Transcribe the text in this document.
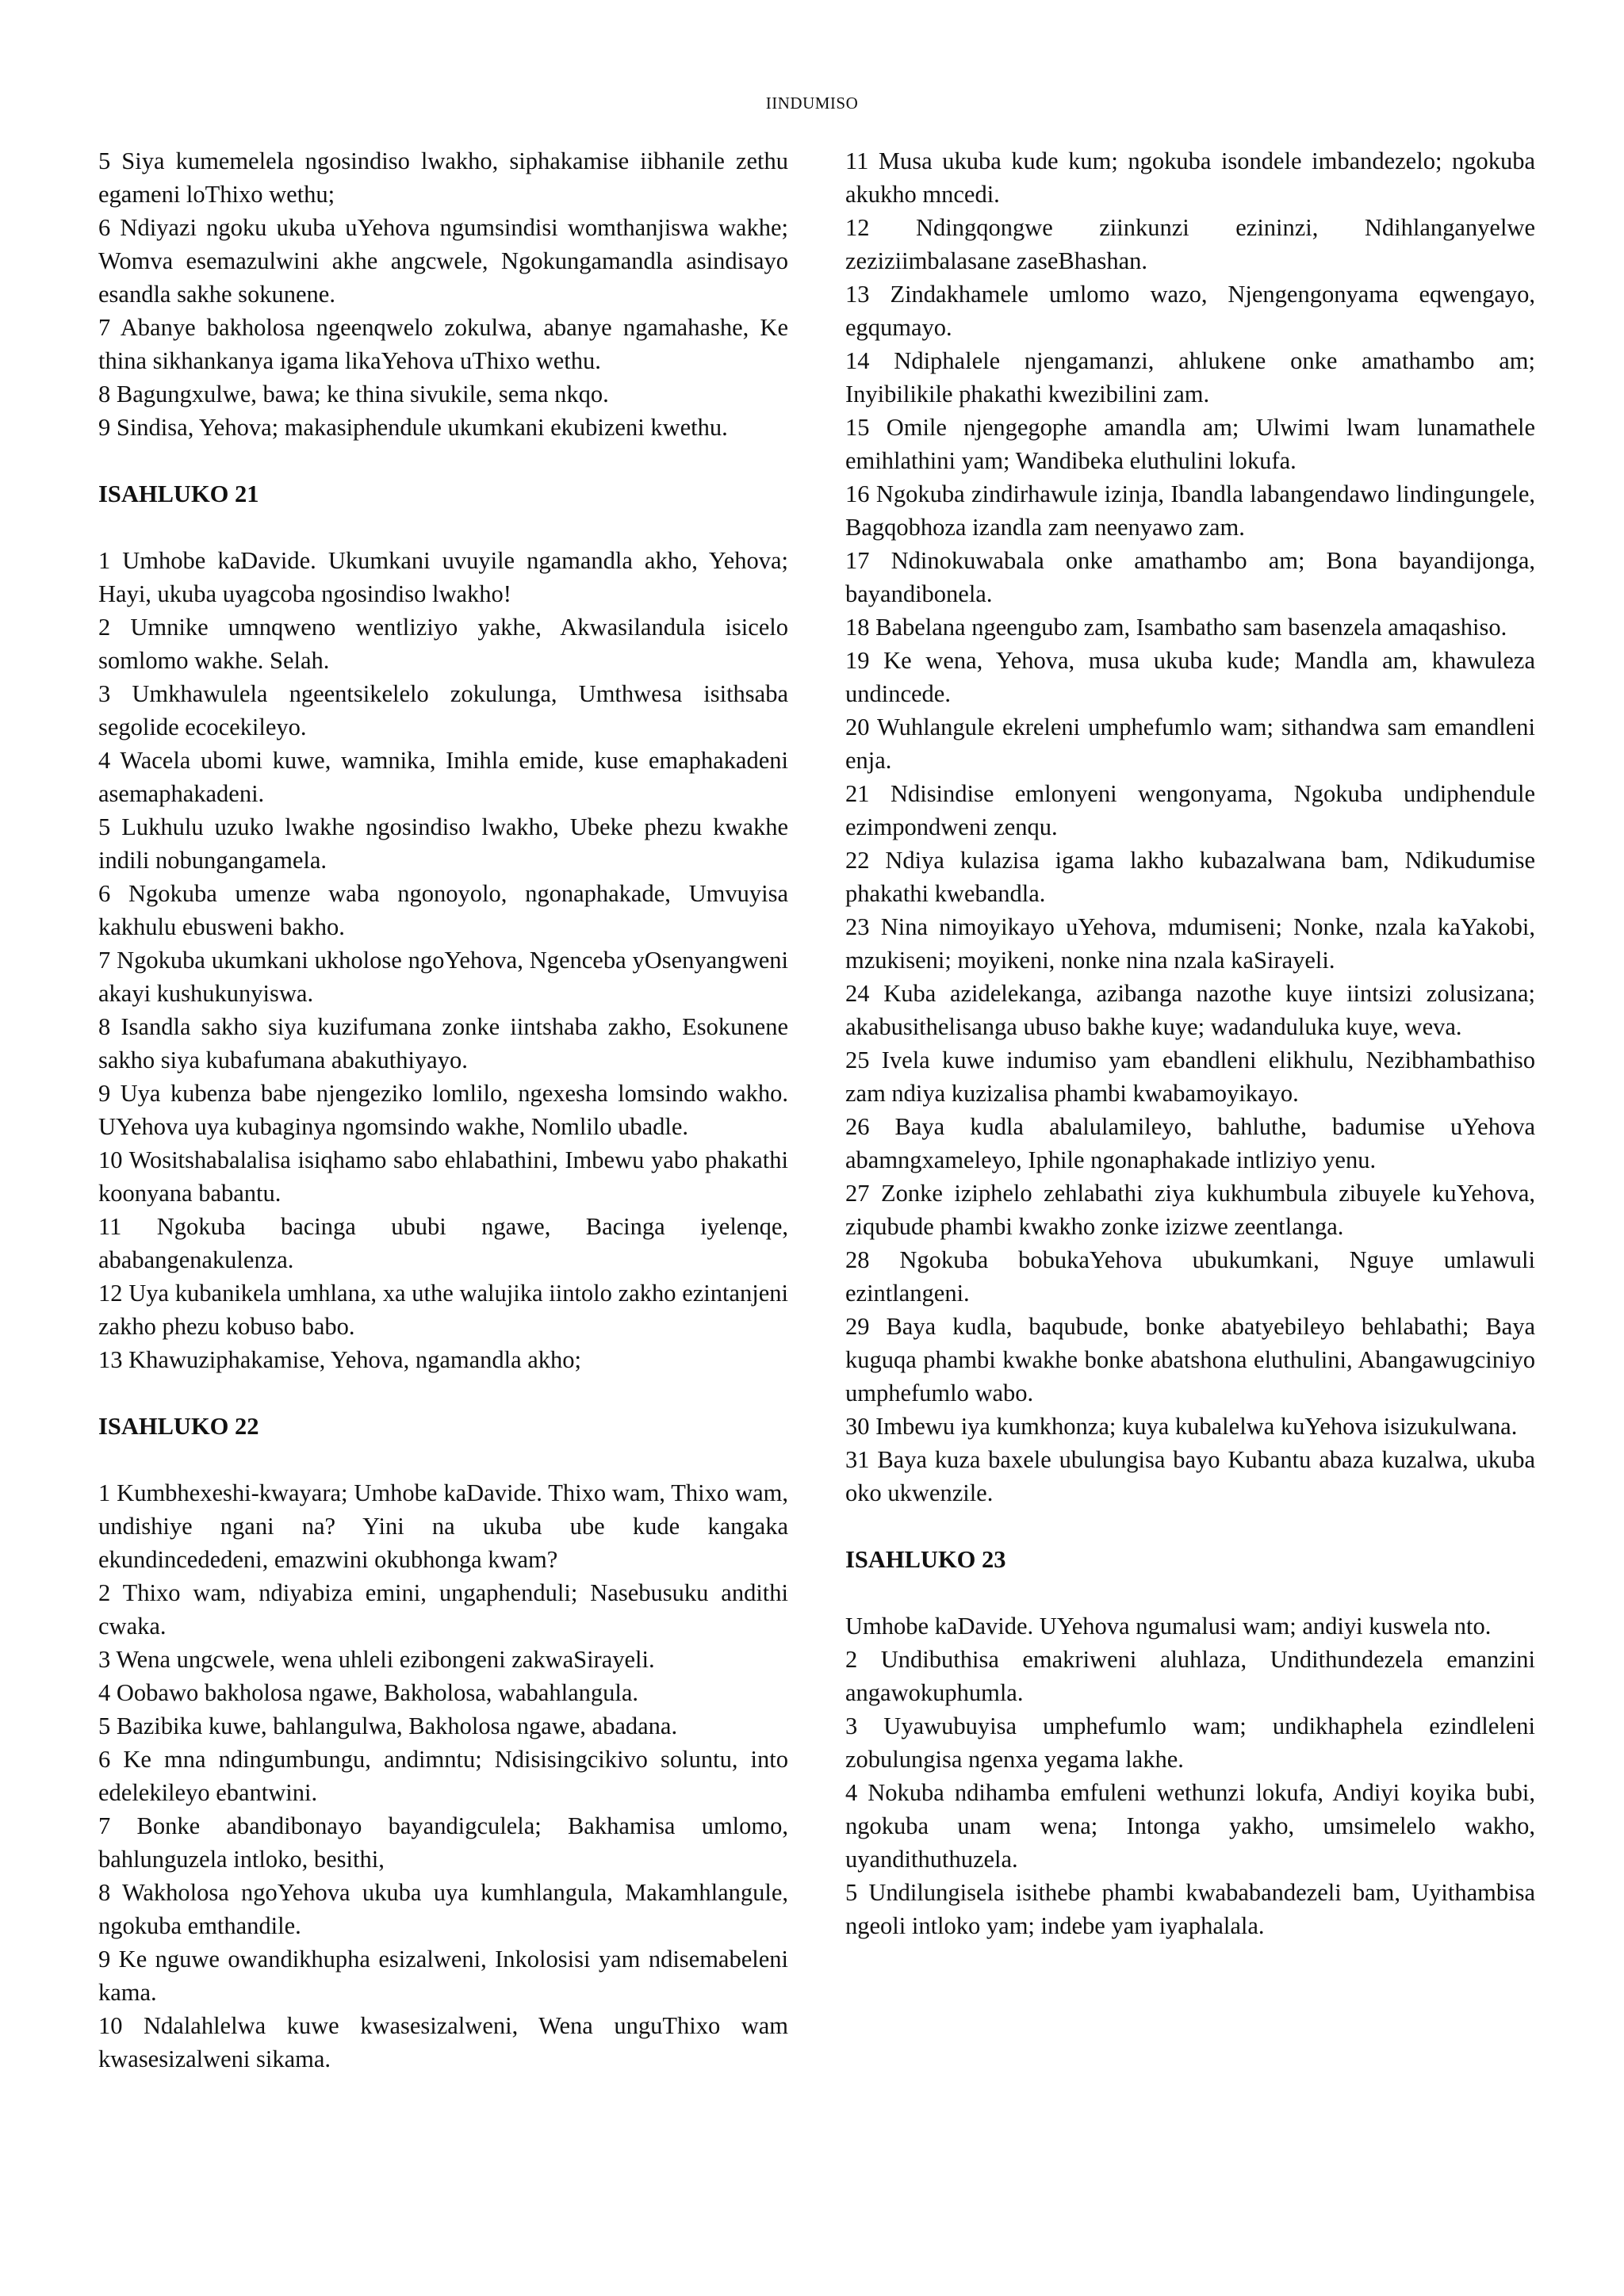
IINDUMISO

5 Siya kumemelela ngosindiso lwakho, siphakamise iibhanile zethu egameni loThixo wethu;

6 Ndiyazi ngoku ukuba uYehova ngumsindisi womthanjiswa wakhe; Womva esemazulwini akhe angcwele, Ngokungamandla asindisayo esandla sakhe sokunene.

7 Abanye bakholosa ngeenqwelo zokulwa, abanye ngamahashe, Ke thina sikhankanya igama likaYehova uThixo wethu.

8 Bagungxulwe, bawa; ke thina sivukile, sema nkqo.

9 Sindisa, Yehova; makasiphendule ukumkani ekubizeni kwethu.

ISAHLUKO 21

1 Umhobe kaDavide. Ukumkani uvuyile ngamandla akho, Yehova; Hayi, ukuba uyagcoba ngosindiso lwakho!

2 Umnike umnqweno wentliziyo yakhe, Akwasilandula isicelo somlomo wakhe. Selah.

3 Umkhawulela ngeentsikelelo zokulunga, Umthwesa isithsaba segolide ecocekileyo.

4 Wacela ubomi kuwe, wamnika, Imihla emide, kuse emaphakadeni asemaphakadeni.

5 Lukhulu uzuko lwakhe ngosindiso lwakho, Ubeke phezu kwakhe indili nobungangamela.

6 Ngokuba umenze waba ngonoyolo, ngonaphakade, Umvuyisa kakhulu ebusweni bakho.

7 Ngokuba ukumkani ukholose ngoYehova, Ngenceba yOsenyangweni akayi kushukunyiswa.

8 Isandla sakho siya kuzifumana zonke iintshaba zakho, Esokunene sakho siya kubafumana abakuthiyayo.

9 Uya kubenza babe njengeziko lomlilo, ngexesha lomsindo wakho. UYehova uya kubaginya ngomsindo wakhe, Nomlilo ubadle.

10 Wositshabalalisa isiqhamo sabo ehlabathini, Imbewu yabo phakathi koonyana babantu.

11 Ngokuba bacinga ububi ngawe, Bacinga iyelenqe, ababangenakulenza.

12 Uya kubanikela umhlana, xa uthe walujika iintolo zakho ezintanjeni zakho phezu kobuso babo.

13 Khawuziphakamise, Yehova, ngamandla akho;

ISAHLUKO 22

1 Kumbhexeshi-kwayara; Umhobe kaDavide. Thixo wam, Thixo wam, undishiye ngani na? Yini na ukuba ube kude kangaka ekundincededeni, emazwini okubhonga kwam?

2 Thixo wam, ndiyabiza emini, ungaphenduli; Nasebusuku andithi cwaka.

3 Wena ungcwele, wena uhleli ezibongeni zakwaSirayeli.

4 Oobawo bakholosa ngawe, Bakholosa, wabahlangula.

5 Bazibika kuwe, bahlangulwa, Bakholosa ngawe, abadana.

6 Ke mna ndingumbungu, andimntu; Ndisisingcikivo soluntu, into edelekileyo ebantwini.

7 Bonke abandibonayo bayandigculela; Bakhamisa umlomo, bahlunguzela intloko, besithi,

8 Wakholosa ngoYehova ukuba uya kumhlangula, Makamhlangule, ngokuba emthandile.

9 Ke nguwe owandikhupha esizalweni, Inkolosisi yam ndisemabeleni kama.

10 Ndalahlelwa kuwe kwasesizalweni, Wena unguThixo wam kwasesizalweni sikama.

11 Musa ukuba kude kum; ngokuba isondele imbandezelo; ngokuba akukho mncedi.

12 Ndingqongwe ziinkunzi ezininzi, Ndihlanganyelwe zeziziimbalasane zaseBhashan.

13 Zindakhamele umlomo wazo, Njengengonyama eqwengayo, egqumayo.

14 Ndiphalele njengamanzi, ahlukene onke amathambo am; Inyibilikile phakathi kwezibilini zam.

15 Omile njengegophe amandla am; Ulwimi lwam lunamathele emihlathini yam; Wandibeka eluthulini lokufa.

16 Ngokuba zindirhawule izinja, Ibandla labangendawo lindingungele, Bagqobhoza izandla zam neenyawo zam.

17 Ndinokuwabala onke amathambo am; Bona bayandijonga, bayandibonela.

18 Babelana ngeengubo zam, Isambatho sam basenzela amaqashiso.

19 Ke wena, Yehova, musa ukuba kude; Mandla am, khawuleza undincede.

20 Wuhlangule ekreleni umphefumlo wam; sithandwa sam emandleni enja.

21 Ndisindise emlonyeni wengonyama, Ngokuba undiphendule ezimpondweni zenqu.

22 Ndiya kulazisa igama lakho kubazalwana bam, Ndikudumise phakathi kwebandla.

23 Nina nimoyikayo uYehova, mdumiseni; Nonke, nzala kaYakobi, mzukiseni; moyikeni, nonke nina nzala kaSirayeli.

24 Kuba azidelekanga, azibanga nazothe kuye iintsizi zolusizana; akabusithelisanga ubuso bakhe kuye; wadanduluka kuye, weva.

25 Ivela kuwe indumiso yam ebandleni elikhulu, Nezibhambathiso zam ndiya kuzizalisa phambi kwabamoyikayo.

26 Baya kudla abalulamileyo, bahluthe, badumise uYehova abamngxameleyo, Iphile ngonaphakade intliziyo yenu.

27 Zonke iziphelo zehlabathi ziya kukhumbula zibuyele kuYehova, ziqubude phambi kwakho zonke izizwe zeentlanga.

28 Ngokuba bobukaYehova ubukumkani, Nguye umlawuli ezintlangeni.

29 Baya kudla, baqubude, bonke abatyebileyo behlabathi; Baya kuguqa phambi kwakhe bonke abatshona eluthulini, Abangawugciniyo umphefumlo wabo.

30 Imbewu iya kumkhonza; kuya kubalelwa kuYehova isizukulwana.

31 Baya kuza baxele ubulungisa bayo Kubantu abaza kuzalwa, ukuba oko ukwenzile.

ISAHLUKO 23

Umhobe kaDavide. UYehova ngumalusi wam; andiyi kuswela nto.

2 Undibuthisa emakriweni aluhlaza, Undithundezela emanzini angawokuphumla.

3 Uyawubuyisa umphefumlo wam; undikhaphela ezindleleni zobulungisa ngenxa yegama lakhe.

4 Nokuba ndihamba emfuleni wethunzi lokufa, Andiyi koyika bubi, ngokuba unam wena; Intonga yakho, umsimelelo wakho, uyandithuthuzela.

5 Undilungisela isithebe phambi kwababandezeli bam, Uyithambisa ngeoli intloko yam; indebe yam iyaphalala.
